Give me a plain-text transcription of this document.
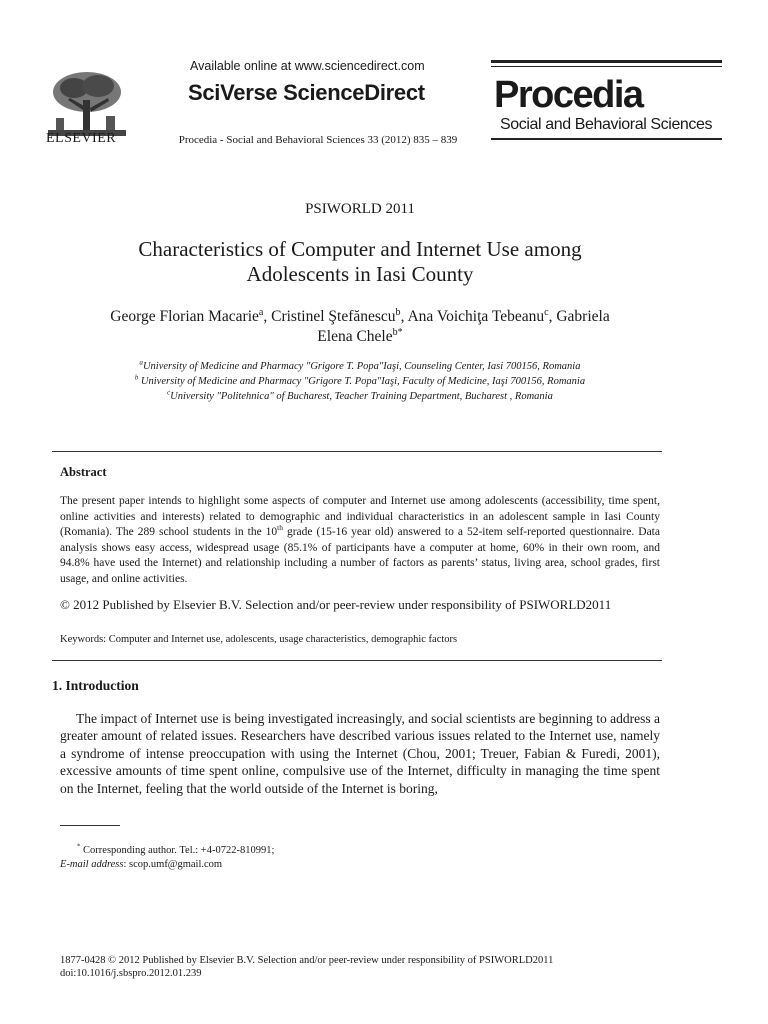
ELSEVIER
Available online at www.sciencedirect.com
SciVerse ScienceDirect
Procedia - Social and Behavioral Sciences 33 (2012) 835 – 839
Procedia
Social and Behavioral Sciences
PSIWORLD 2011
Characteristics of Computer and Internet Use among
Adolescents in Iasi County
George Florian Macarie$^a$, Cristinel Ştefănescu$^b$, Ana Voichiţa Tebeanu$^c$, Gabriela
Elena Chele$^{b*}$
$^a$University of Medicine and Pharmacy "Grigore T. Popa"Iaşi, Counseling Center, Iasi 700156, Romania
$^b$ University of Medicine and Pharmacy "Grigore T. Popa"Iaşi, Faculty of Medicine, Iaşi 700156, Romania
$^c$University "Politehnica" of Bucharest, Teacher Training Department, Bucharest , Romania
Abstract
The present paper intends to highlight some aspects of computer and Internet use among adolescents (accessibility, time spent, online activities and interests) related to demographic and individual characteristics in an adolescent sample in Iasi County (Romania). The 289 school students in the 10th grade (15-16 year old) answered to a 52-item self-reported questionnaire. Data analysis shows easy access, widespread usage (85.1% of participants have a computer at home, 60% in their own room, and 94.8% have used the Internet) and relationship including a number of factors as parents’ status, living area, school grades, first usage, and online activities.
© 2012 Published by Elsevier B.V. Selection and/or peer-review under responsibility of PSIWORLD2011
Keywords: Computer and Internet use, adolescents, usage characteristics, demographic factors
1. Introduction
The impact of Internet use is being investigated increasingly, and social scientists are beginning to address a greater amount of related issues. Researchers have described various issues related to the Internet use, namely a syndrome of intense preoccupation with using the Internet (Chou, 2001; Treuer, Fabian & Furedi, 2001), excessive amounts of time spent online, compulsive use of the Internet, difficulty in managing the time spent on the Internet, feeling that the world outside of the Internet is boring,
* Corresponding author. Tel.: +4-0722-810991;
E-mail address: scop.umf@gmail.com
1877-0428 © 2012 Published by Elsevier B.V. Selection and/or peer-review under responsibility of PSIWORLD2011
doi:10.1016/j.sbspro.2012.01.239
